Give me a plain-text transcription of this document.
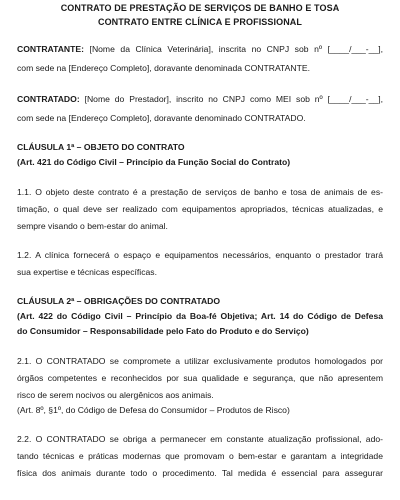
CONTRATO DE PRESTAÇÃO DE SERVIÇOS DE BANHO E TOSA
CONTRATO ENTRE CLÍNICA E PROFISSIONAL
CONTRATANTE: [Nome da Clínica Veterinária], inscrita no CNPJ sob nº [____/___-__],
com sede na [Endereço Completo], doravante denominada CONTRATANTE.
CONTRATADO: [Nome do Prestador], inscrito no CNPJ como MEI sob nº [____/___-__],
com sede na [Endereço Completo], doravante denominado CONTRATADO.
CLÁUSULA 1ª – OBJETO DO CONTRATO
(Art. 421 do Código Civil – Princípio da Função Social do Contrato)
1.1. O objeto deste contrato é a prestação de serviços de banho e tosa de animais de es-
timação, o qual deve ser realizado com equipamentos apropriados, técnicas atualizadas, e
sempre visando o bem-estar do animal.
1.2. A clínica fornecerá o espaço e equipamentos necessários, enquanto o prestador trará
sua expertise e técnicas específicas.
CLÁUSULA 2ª – OBRIGAÇÕES DO CONTRATADO
(Art. 422 do Código Civil – Princípio da Boa-fé Objetiva; Art. 14 do Código de Defesa
do Consumidor – Responsabilidade pelo Fato do Produto e do Serviço)
2.1. O CONTRATADO se compromete a utilizar exclusivamente produtos homologados por
órgãos competentes e reconhecidos por sua qualidade e segurança, que não apresentem
risco de serem nocivos ou alergênicos aos animais.
(Art. 8º, §1º, do Código de Defesa do Consumidor – Produtos de Risco)
2.2. O CONTRATADO se obriga a permanecer em constante atualização profissional, ado-
tando técnicas e práticas modernas que promovam o bem-estar e garantam a integridade
física dos animais durante todo o procedimento. Tal medida é essencial para assegurar
